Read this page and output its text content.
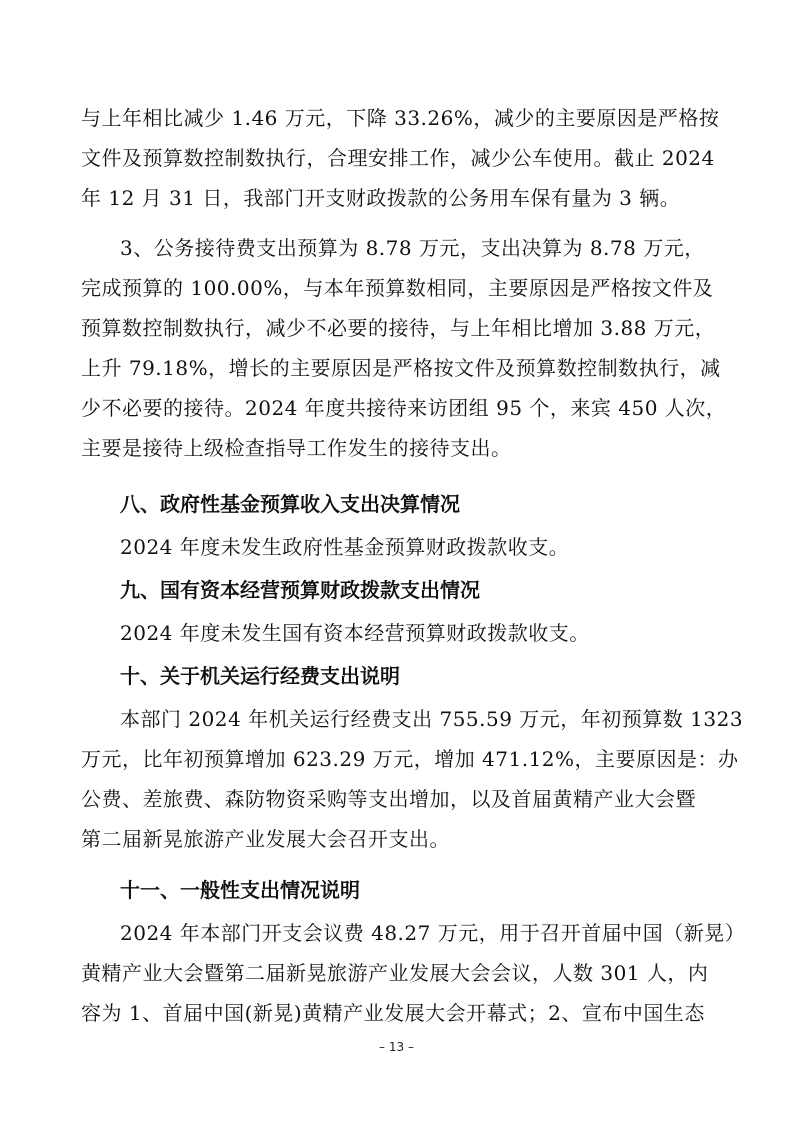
与上年相比减少 1.46 万元，下降 33.26%，减少的主要原因是严格按
文件及预算数控制数执行，合理安排工作，减少公车使用。截止 2024
年 12 月 31 日，我部门开支财政拨款的公务用车保有量为 3 辆。
3、公务接待费支出预算为 8.78 万元，支出决算为 8.78 万元，
完成预算的 100.00%，与本年预算数相同，主要原因是严格按文件及
预算数控制数执行，减少不必要的接待，与上年相比增加 3.88 万元，
上升 79.18%，增长的主要原因是严格按文件及预算数控制数执行，减
少不必要的接待。2024 年度共接待来访团组 95 个，来宾 450 人次，
主要是接待上级检查指导工作发生的接待支出。
八、政府性基金预算收入支出决算情况
2024 年度未发生政府性基金预算财政拨款收支。
九、国有资本经营预算财政拨款支出情况
2024 年度未发生国有资本经营预算财政拨款收支。
十、关于机关运行经费支出说明
本部门 2024 年机关运行经费支出 755.59 万元，年初预算数 1323
万元，比年初预算增加 623.29 万元，增加 471.12%，主要原因是：办
公费、差旅费、森防物资采购等支出增加，以及首届黄精产业大会暨
第二届新晃旅游产业发展大会召开支出。
十一、一般性支出情况说明
2024 年本部门开支会议费 48.27 万元，用于召开首届中国（新晃）
黄精产业大会暨第二届新晃旅游产业发展大会会议，人数 301 人，内
容为 1、首届中国(新晃)黄精产业发展大会开幕式；2、宣布中国生态
– 13 –
